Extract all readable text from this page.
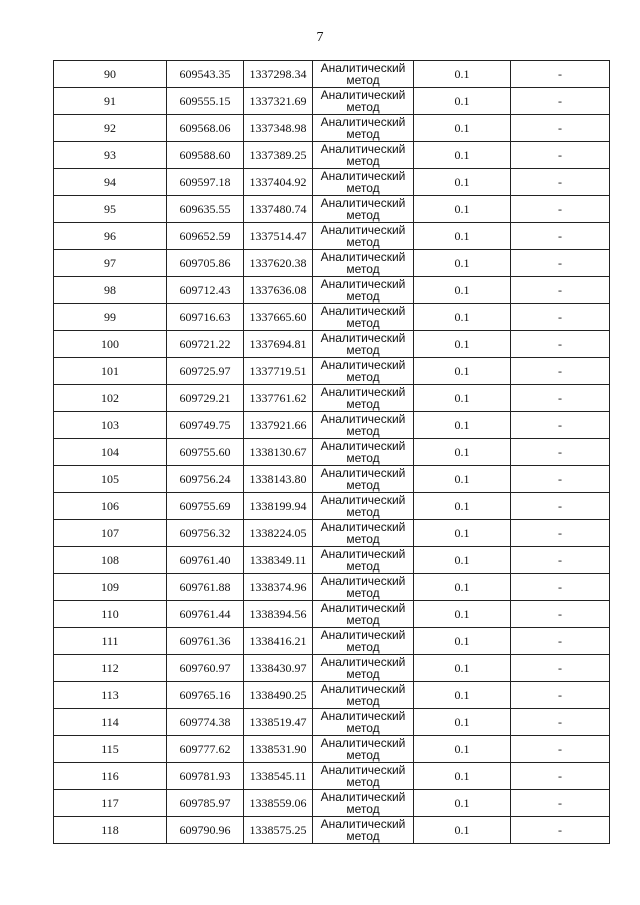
7
90	609543.35	1337298.34	Аналитический
метод	0.1	-
91	609555.15	1337321.69	Аналитический
метод	0.1	-
92	609568.06	1337348.98	Аналитический
метод	0.1	-
93	609588.60	1337389.25	Аналитический
метод	0.1	-
94	609597.18	1337404.92	Аналитический
метод	0.1	-
95	609635.55	1337480.74	Аналитический
метод	0.1	-
96	609652.59	1337514.47	Аналитический
метод	0.1	-
97	609705.86	1337620.38	Аналитический
метод	0.1	-
98	609712.43	1337636.08	Аналитический
метод	0.1	-
99	609716.63	1337665.60	Аналитический
метод	0.1	-
100	609721.22	1337694.81	Аналитический
метод	0.1	-
101	609725.97	1337719.51	Аналитический
метод	0.1	-
102	609729.21	1337761.62	Аналитический
метод	0.1	-
103	609749.75	1337921.66	Аналитический
метод	0.1	-
104	609755.60	1338130.67	Аналитический
метод	0.1	-
105	609756.24	1338143.80	Аналитический
метод	0.1	-
106	609755.69	1338199.94	Аналитический
метод	0.1	-
107	609756.32	1338224.05	Аналитический
метод	0.1	-
108	609761.40	1338349.11	Аналитический
метод	0.1	-
109	609761.88	1338374.96	Аналитический
метод	0.1	-
110	609761.44	1338394.56	Аналитический
метод	0.1	-
111	609761.36	1338416.21	Аналитический
метод	0.1	-
112	609760.97	1338430.97	Аналитический
метод	0.1	-
113	609765.16	1338490.25	Аналитический
метод	0.1	-
114	609774.38	1338519.47	Аналитический
метод	0.1	-
115	609777.62	1338531.90	Аналитический
метод	0.1	-
116	609781.93	1338545.11	Аналитический
метод	0.1	-
117	609785.97	1338559.06	Аналитический
метод	0.1	-
118	609790.96	1338575.25	Аналитический
метод	0.1	-
